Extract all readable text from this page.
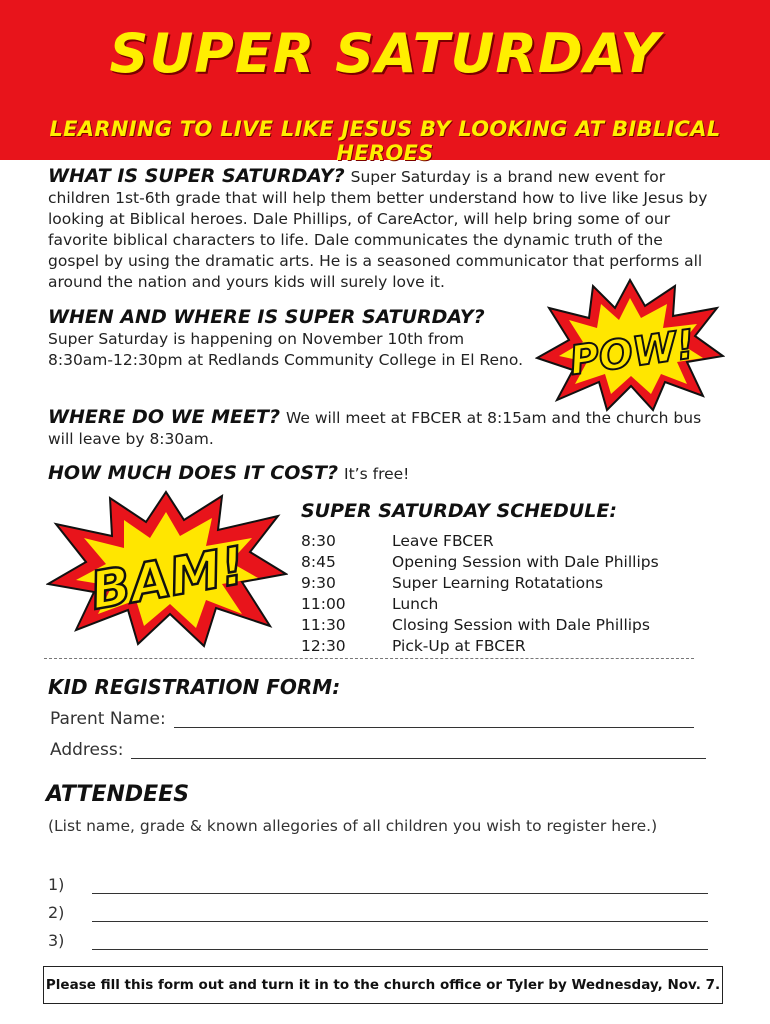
SUPER SATURDAY
LEARNING TO LIVE LIKE JESUS BY LOOKING AT BIBLICAL HEROES
WHAT IS SUPER SATURDAY? Super Saturday is a brand new event for children 1st-6th grade that will help them better understand how to live like Jesus by looking at Biblical heroes. Dale Phillips, of CareActor, will help bring some of our favorite biblical characters to life. Dale communicates the dynamic truth of the gospel by using the dramatic arts. He is a seasoned communicator that performs all around the nation and yours kids will surely love it.
POW!
WHEN AND WHERE IS SUPER SATURDAY?Super Saturday is happening on November 10th from 8:30am-12:30pm at Redlands Community College in El Reno.
WHERE DO WE MEET? We will meet at FBCER at 8:15am and the church bus will leave by 8:30am.
HOW MUCH DOES IT COST? It’s free!
BAM!
SUPER SATURDAY SCHEDULE:
8:30	Leave FBCER
8:45	Opening Session with Dale Phillips
9:30	Super Learning Rotatations
11:00	Lunch
11:30	Closing Session with Dale Phillips
12:30	Pick-Up at FBCER
KID REGISTRATION FORM:
Parent Name:
Address:
ATTENDEES
(List name, grade & known allegories of all children you wish to register here.)
1)
2)
3)
Please fill this form out and turn it in to the church office or Tyler by Wednesday, Nov. 7.
